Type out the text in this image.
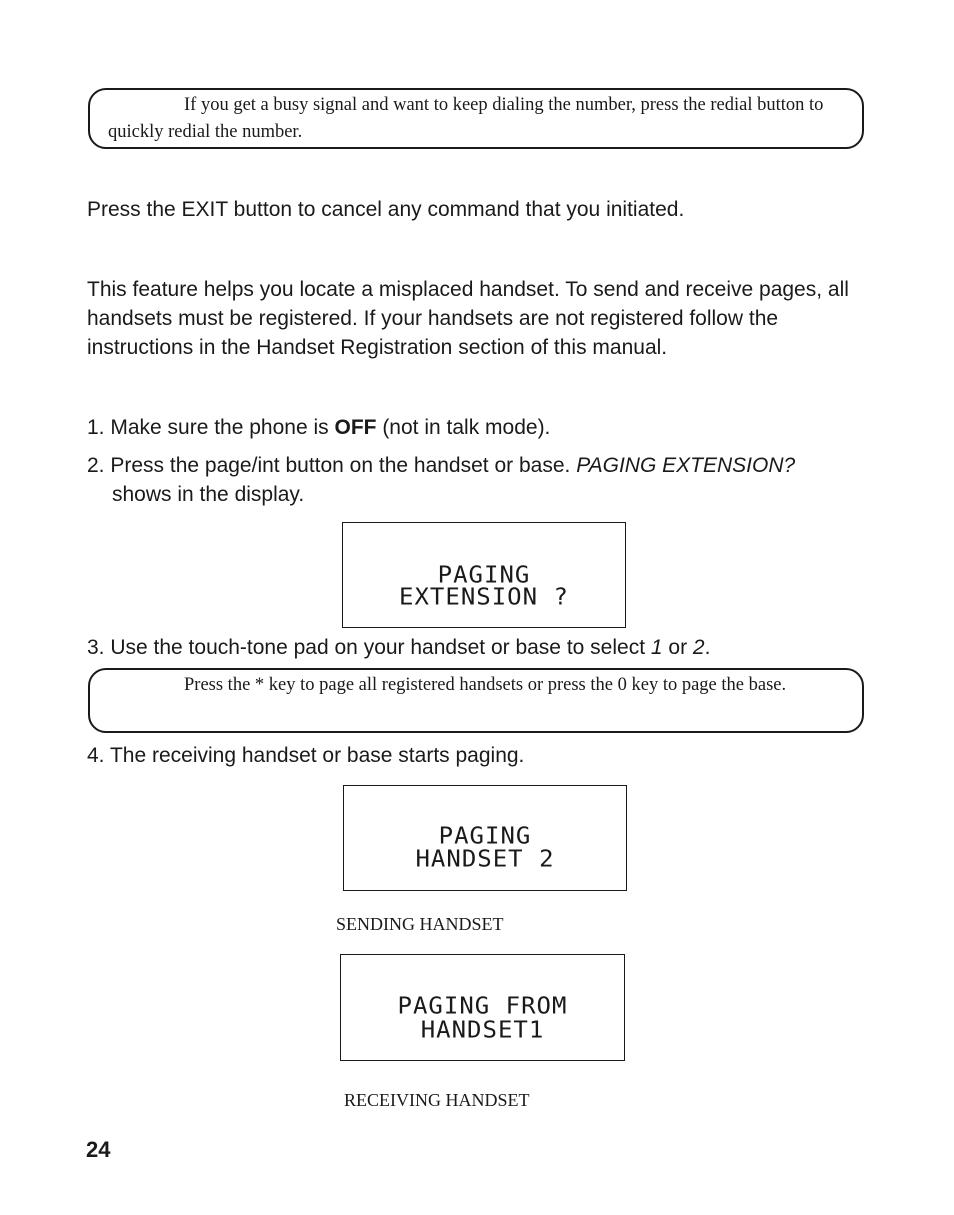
If you get a busy signal and want to keep dialing the number, press the redial button to quickly redial the number.
Press the EXIT button to cancel any command that you initiated.
This feature helps you locate a misplaced handset. To send and receive pages, all handsets must be registered. If your handsets are not registered follow the instructions in the Handset Registration section of this manual.
1. Make sure the phone is OFF (not in talk mode).
2. Press the page/int button on the handset or base. PAGING EXTENSION?
shows in the display.
PAGING
EXTENSION ?
3. Use the touch-tone pad on your handset or base to select 1 or 2.
Press the * key to page all registered handsets or press the 0 key to page the base.
4. The receiving handset or base starts paging.
PAGING
HANDSET 2
SENDING HANDSET
PAGING FROM
HANDSET1
RECEIVING HANDSET
24
